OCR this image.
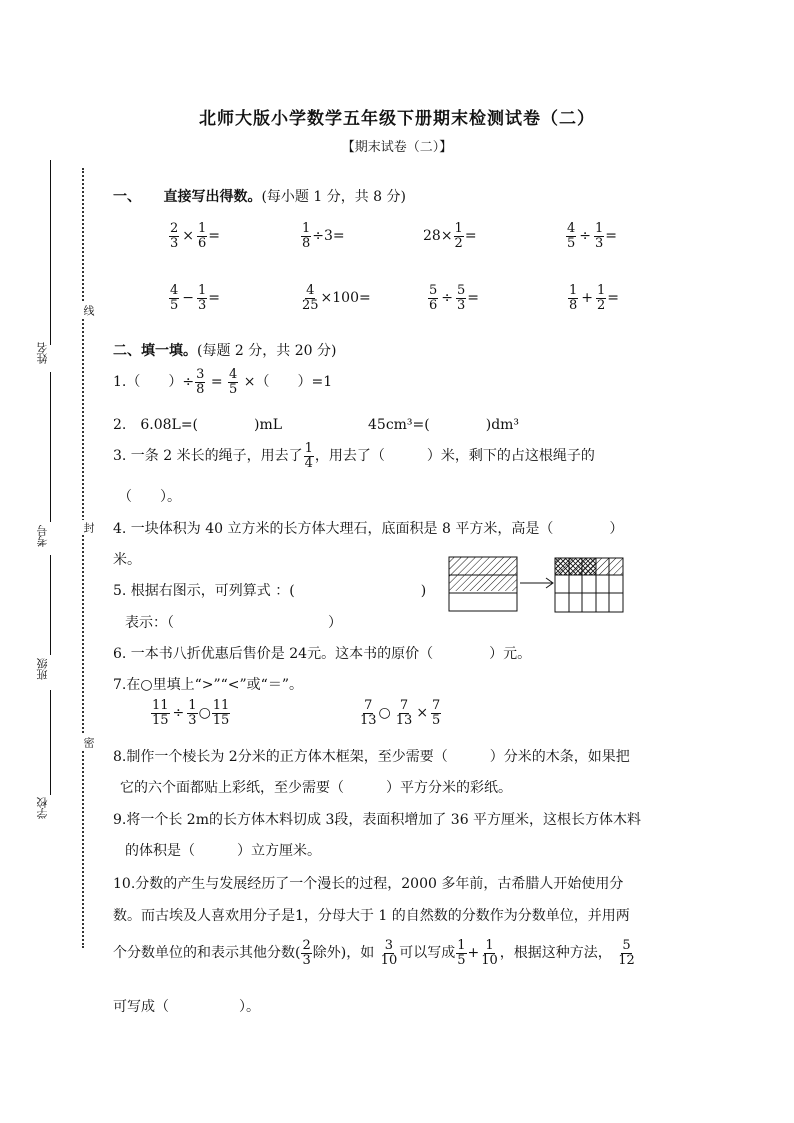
北师大版小学数学五年级下册期末检测试卷（二）
【期末试卷（二）】
姓名
考号
班级
学校
线
封
密
一、 直接写出得数。(每小题 1 分，共 8 分)
$\frac{2}{3} \times \frac{1}{6}$ =	$\frac{1}{8} \div 3=$	$28\times \frac{1}{2}$ =	$\frac{4}{5} \div \frac{1}{3}$ =
$\frac{4}{5} - \frac{1}{3}$ =	$\frac{4}{25} \times 100=$	$\frac{5}{6} \div \frac{5}{3}$ =	$\frac{1}{8} + \frac{1}{2}$ =
二、填一填。(每题 2 分，共 20 分)
1.（　　）÷ $\frac{3}{8} = \frac{4}{5}$ ×（　　）=1
2.　6.08L=(　　　　)mL	45cm³=(　　　　)dm³
3. 一条 2 米长的绳子，用去了 $\frac{1}{4}$ ，用去了（　　　）米，剩下的占这根绳子的
（　　）。
4. 一块体积为 40 立方米的长方体大理石，底面积是 8 平方米，高是（　　　　）
米。
5. 根据右图示，可列算式 ：(　　　　　　　　　)
表示：（　　　　　　　　　　　）
6. 一本书八折优惠后售价是 24元。这本书的原价（　　　　）元。
7.在○里填上“>”“<”或“＝”。
$\frac{11}{15} \div \frac{1}{3}$ ○ $\frac{11}{15}$	$\frac{7}{13}$ ○ $\frac{7}{13} \times \frac{7}{5}$
8.制作一个棱长为 2分米的正方体木框架，至少需要（　　　）分米的木条，如果把
它的六个面都贴上彩纸，至少需要（　　　）平方分米的彩纸。
9.将一个长 2m的长方体木料切成 3段，表面积增加了 36 平方厘米，这根长方体木料
的体积是（　　　）立方厘米。
10.分数的产生与发展经历了一个漫长的过程，2000 多年前，古希腊人开始使用分
数。而古埃及人喜欢用分子是1，分母大于 1 的自然数的分数作为分数单位，并用两
个分数单位的和表示其他分数( $\frac{2}{3}$ 除外)，如 $\frac{3}{10}$ 可以写成 $\frac{1}{5} + \frac{1}{10}$ ，根据这种方法， $\frac{5}{12}$
可写成（　　　　　）。
